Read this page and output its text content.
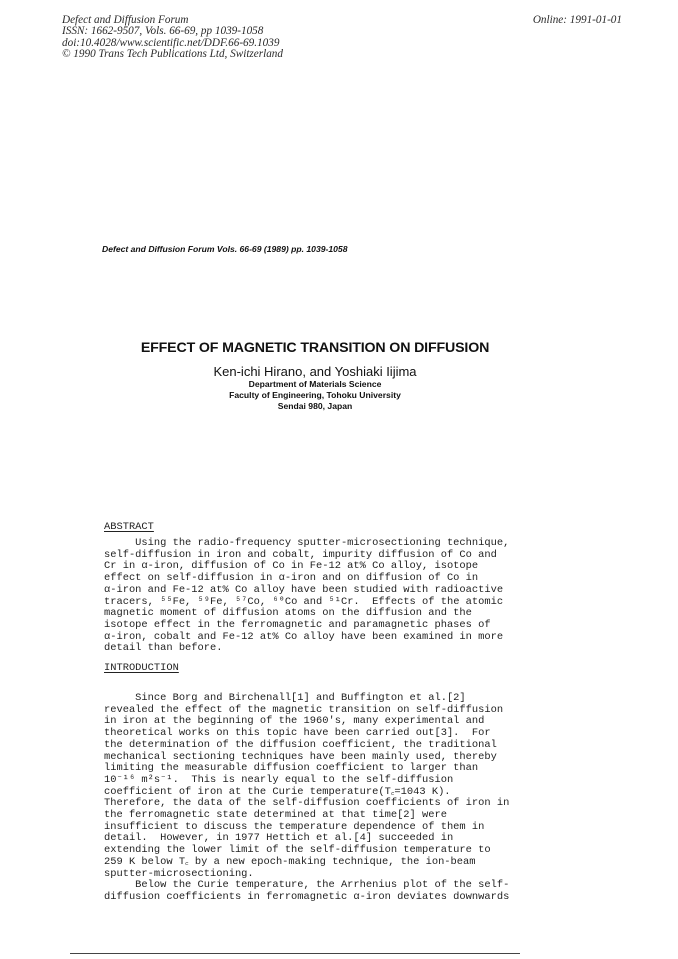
Defect and Diffusion Forum
ISSN: 1662-9507, Vols. 66-69, pp 1039-1058
doi:10.4028/www.scientific.net/DDF.66-69.1039
© 1990 Trans Tech Publications Ltd, Switzerland
Online: 1991-01-01
Defect and Diffusion Forum Vols. 66-69 (1989) pp. 1039-1058
EFFECT OF MAGNETIC TRANSITION ON DIFFUSION
Ken-ichi Hirano, and Yoshiaki Iijima
Department of Materials Science
Faculty of Engineering, Tohoku University
Sendai 980, Japan
ABSTRACT
Using the radio-frequency sputter-microsectioning technique,
self-diffusion in iron and cobalt, impurity diffusion of Co and
Cr in α-iron, diffusion of Co in Fe-12 at% Co alloy, isotope
effect on self-diffusion in α-iron and on diffusion of Co in
α-iron and Fe-12 at% Co alloy have been studied with radioactive
tracers, ⁵⁵Fe, ⁵⁹Fe, ⁵⁷Co, ⁶⁰Co and ⁵¹Cr.  Effects of the atomic
magnetic moment of diffusion atoms on the diffusion and the
isotope effect in the ferromagnetic and paramagnetic phases of
α-iron, cobalt and Fe-12 at% Co alloy have been examined in more
detail than before.
INTRODUCTION
Since Borg and Birchenall[1] and Buffington et al.[2]
revealed the effect of the magnetic transition on self-diffusion
in iron at the beginning of the 1960's, many experimental and
theoretical works on this topic have been carried out[3].  For
the determination of the diffusion coefficient, the traditional
mechanical sectioning techniques have been mainly used, thereby
limiting the measurable diffusion coefficient to larger than
10⁻¹⁶ m²s⁻¹.  This is nearly equal to the self-diffusion
coefficient of iron at the Curie temperature(T꜀=1043 K).
Therefore, the data of the self-diffusion coefficients of iron in
the ferromagnetic state determined at that time[2] were
insufficient to discuss the temperature dependence of them in
detail.  However, in 1977 Hettich et al.[4] succeeded in
extending the lower limit of the self-diffusion temperature to
259 K below T꜀ by a new epoch-making technique, the ion-beam
sputter-microsectioning.
Below the Curie temperature, the Arrhenius plot of the self-
diffusion coefficients in ferromagnetic α-iron deviates downwards
